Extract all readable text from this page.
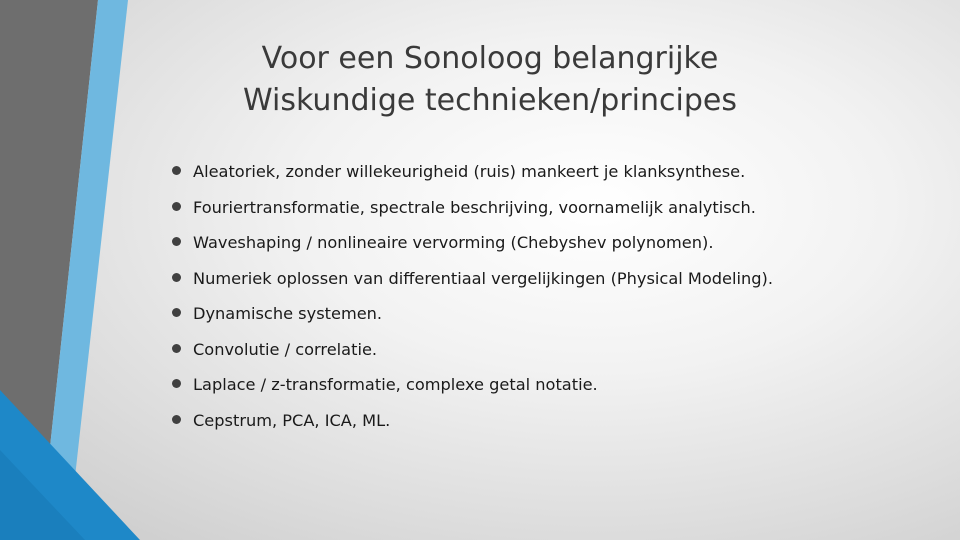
Voor een Sonoloog belangrijke
Wiskundige technieken/principes
Aleatoriek, zonder willekeurigheid (ruis) mankeert je klanksynthese.
Fouriertransformatie, spectrale beschrijving, voornamelijk analytisch.
Waveshaping / nonlineaire vervorming (Chebyshev polynomen).
Numeriek oplossen van differentiaal vergelijkingen (Physical Modeling).
Dynamische systemen.
Convolutie / correlatie.
Laplace / z-transformatie, complexe getal notatie.
Cepstrum, PCA, ICA, ML.
